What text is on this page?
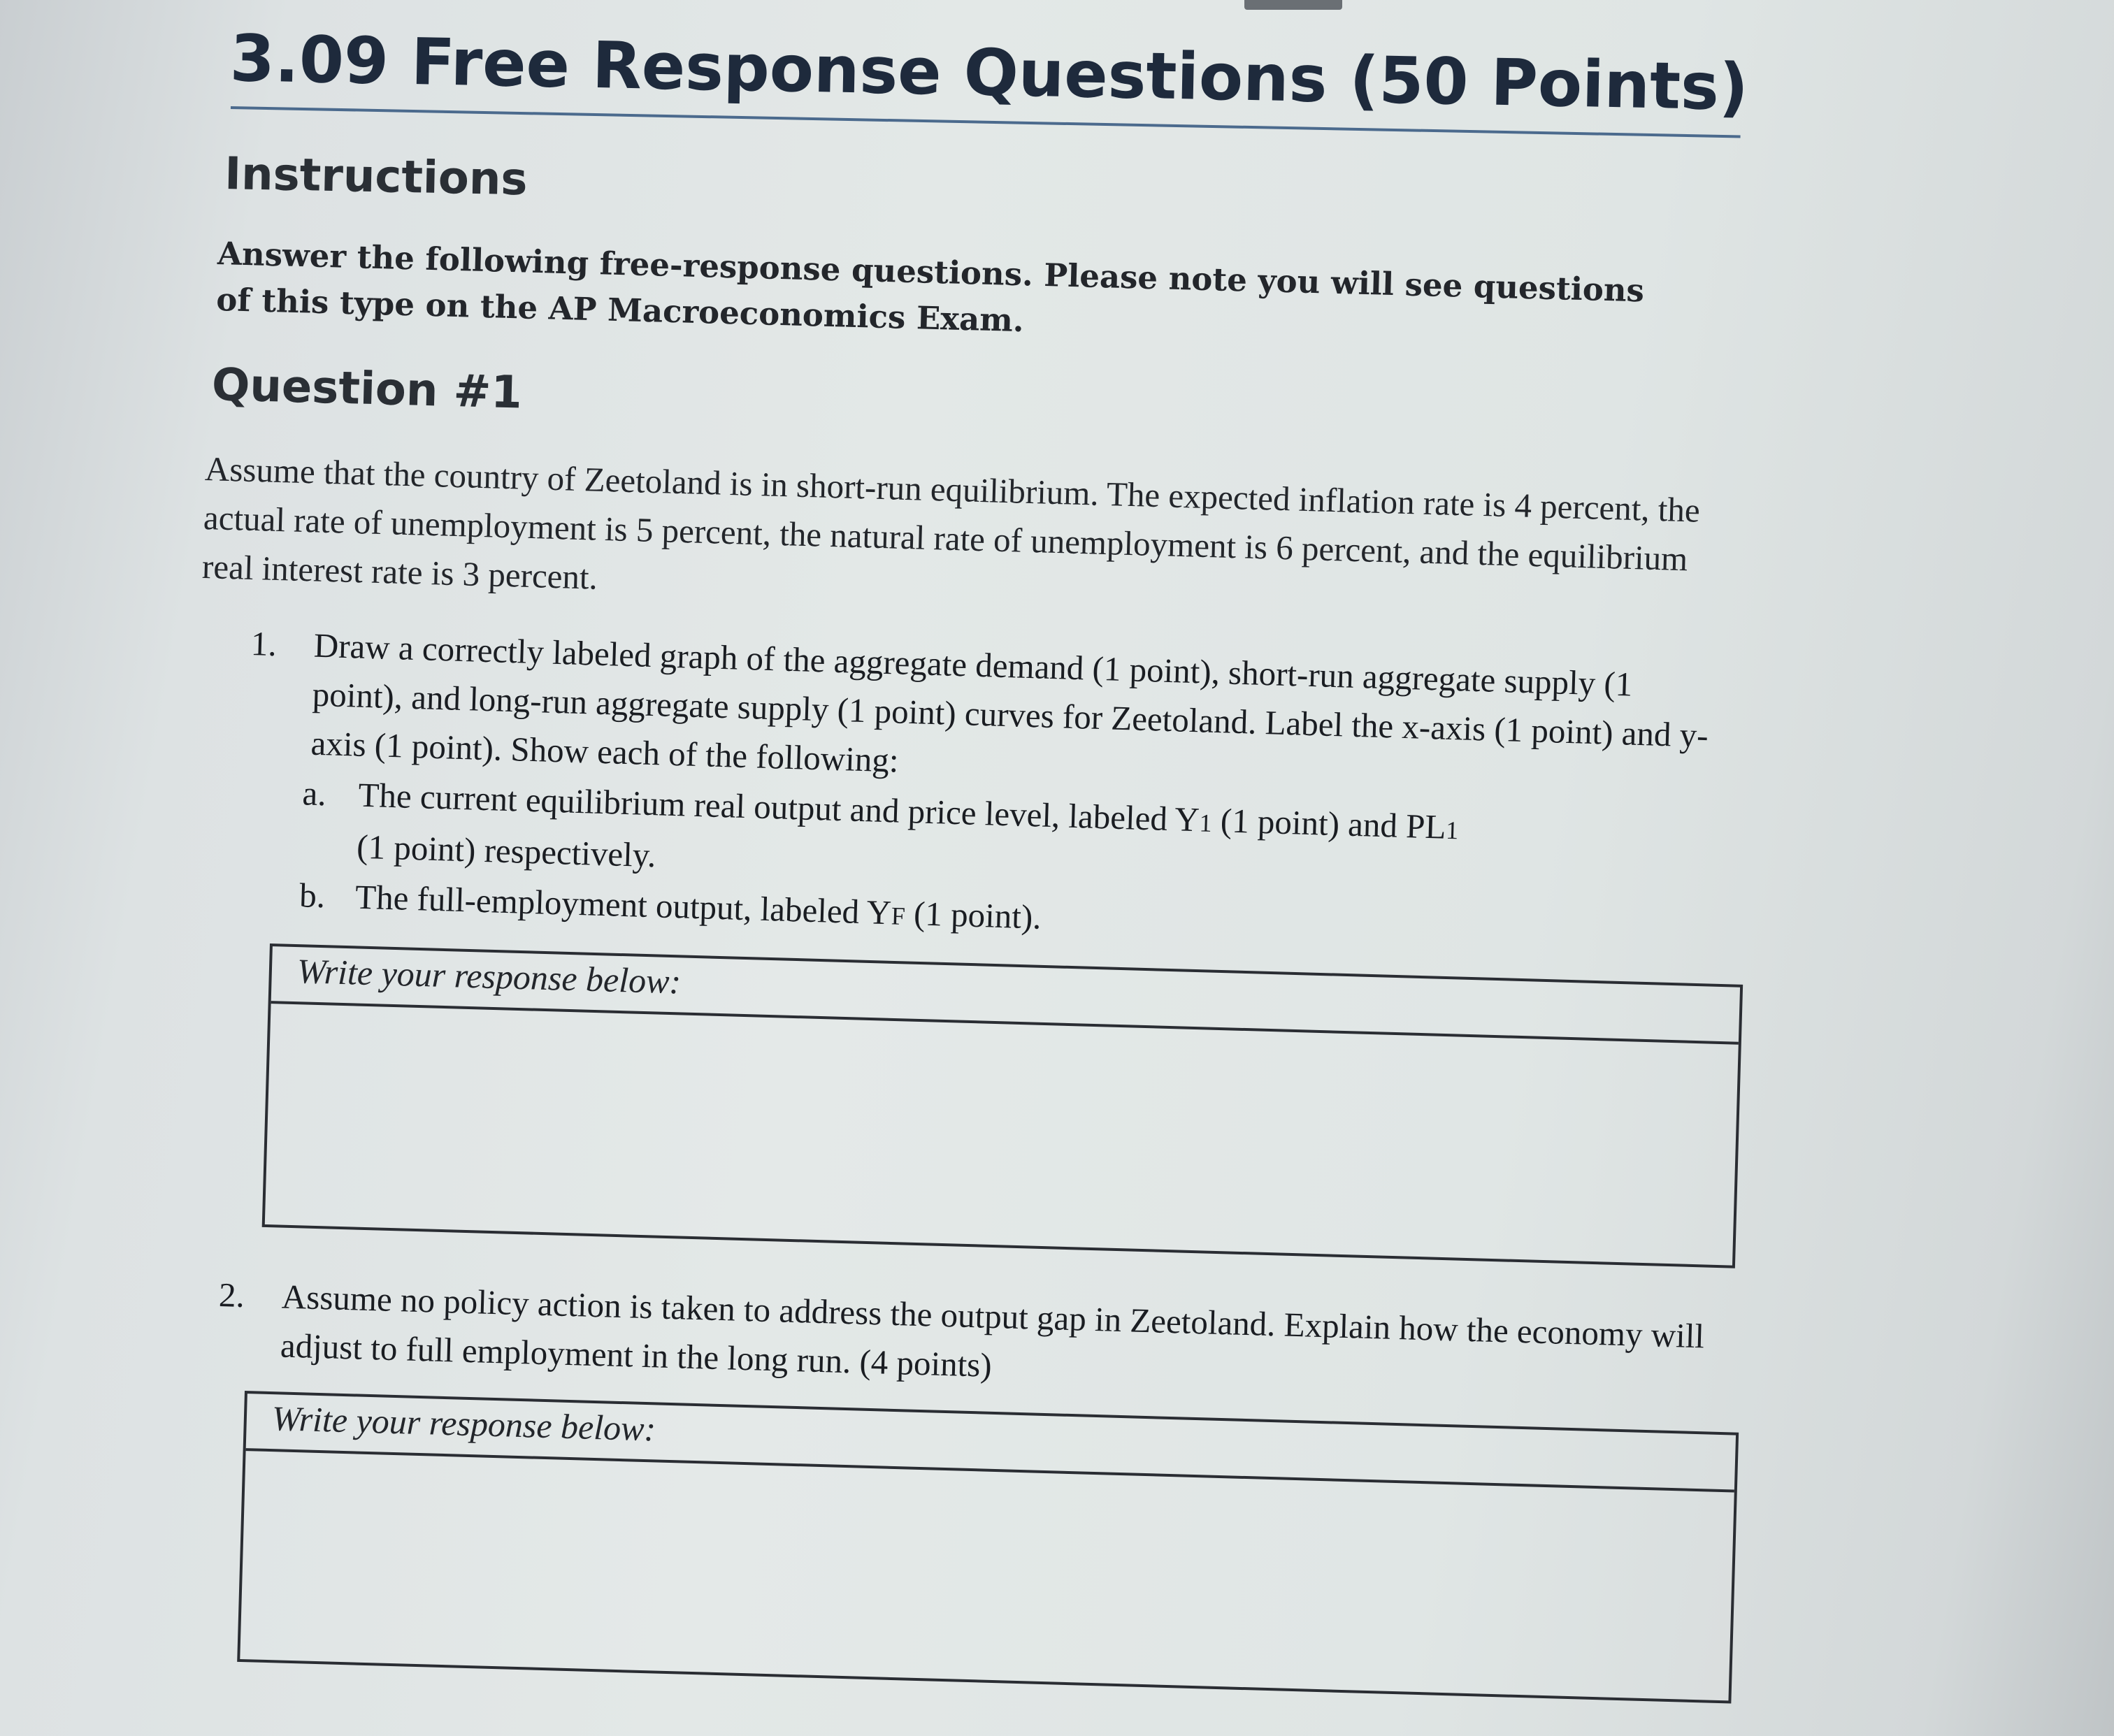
3.09 Free Response Questions (50 Points)
Instructions
Answer the following free-response questions. Please note you will see questions of this type on the AP Macroeconomics Exam.
Question #1
Assume that the country of Zeetoland is in short-run equilibrium. The expected inflation rate is 4 percent, the actual rate of unemployment is 5 percent, the natural rate of unemployment is 6 percent, and the equilibrium real interest rate is 3 percent.
1. Draw a correctly labeled graph of the aggregate demand (1 point), short-run aggregate supply (1 point), and long-run aggregate supply (1 point) curves for Zeetoland. Label the x-axis (1 point) and y-axis (1 point). Show each of the following:
a. The current equilibrium real output and price level, labeled Y1 (1 point) and PL1
(1 point) respectively.
b. The full-employment output, labeled YF (1 point).
Write your response below:
2. Assume no policy action is taken to address the output gap in Zeetoland. Explain how the economy will adjust to full employment in the long run. (4 points)
Write your response below:
